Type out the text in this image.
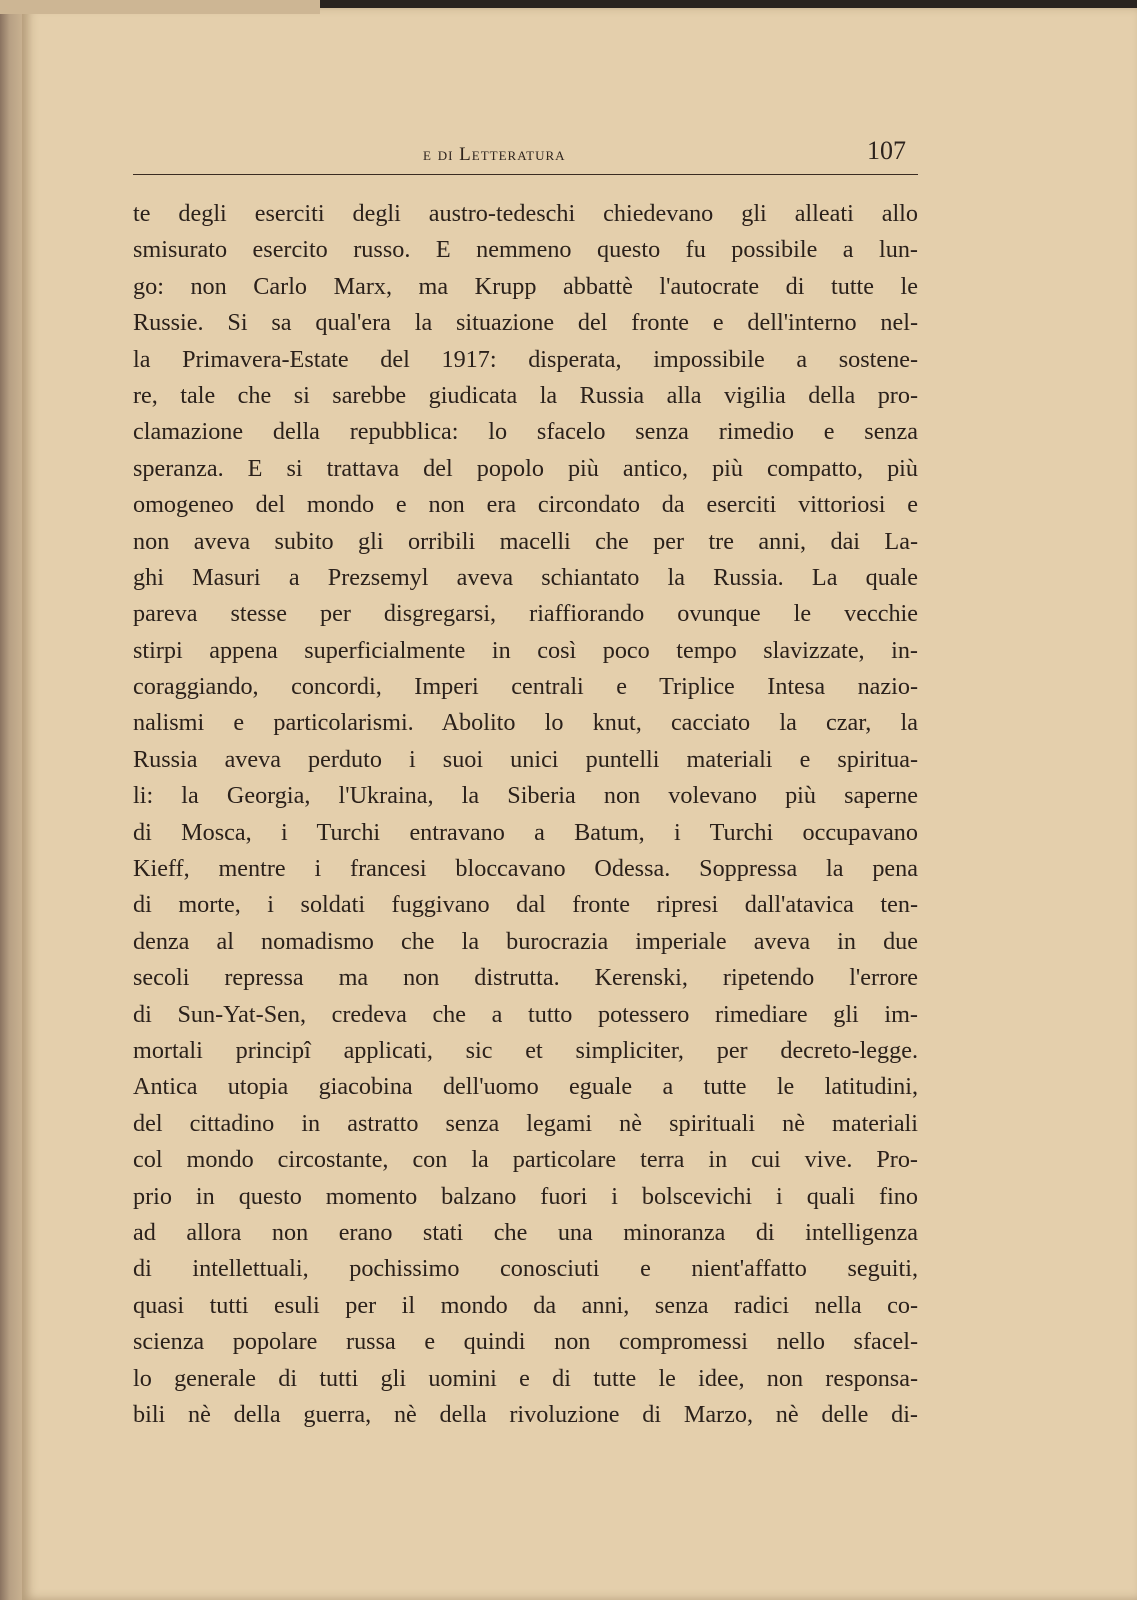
e di Letteratura	107
te degli eserciti degli austro-tedeschi chiedevano gli alleati allo
smisurato esercito russo. E nemmeno questo fu possibile a lun-
go: non Carlo Marx, ma Krupp abbattè l'autocrate di tutte le
Russie. Si sa qual'era la situazione del fronte e dell'interno nel-
la Primavera-Estate del 1917: disperata, impossibile a sostene-
re, tale che si sarebbe giudicata la Russia alla vigilia della pro-
clamazione della repubblica: lo sfacelo senza rimedio e senza
speranza. E si trattava del popolo più antico, più compatto, più
omogeneo del mondo e non era circondato da eserciti vittoriosi e
non aveva subito gli orribili macelli che per tre anni, dai La-
ghi Masuri a Prezsemyl aveva schiantato la Russia. La quale
pareva stesse per disgregarsi, riaffiorando ovunque le vecchie
stirpi appena superficialmente in così poco tempo slavizzate, in-
coraggiando, concordi, Imperi centrali e Triplice Intesa nazio-
nalismi e particolarismi. Abolito lo knut, cacciato la czar, la
Russia aveva perduto i suoi unici puntelli materiali e spiritua-
li: la Georgia, l'Ukraina, la Siberia non volevano più saperne
di Mosca, i Turchi entravano a Batum, i Turchi occupavano
Kieff, mentre i francesi bloccavano Odessa. Soppressa la pena
di morte, i soldati fuggivano dal fronte ripresi dall'atavica ten-
denza al nomadismo che la burocrazia imperiale aveva in due
secoli repressa ma non distrutta. Kerenski, ripetendo l'errore
di Sun-Yat-Sen, credeva che a tutto potessero rimediare gli im-
mortali principî applicati, sic et simpliciter, per decreto-legge.
Antica utopia giacobina dell'uomo eguale a tutte le latitudini,
del cittadino in astratto senza legami nè spirituali nè materiali
col mondo circostante, con la particolare terra in cui vive. Pro-
prio in questo momento balzano fuori i bolscevichi i quali fino
ad allora non erano stati che una minoranza di intelligenza
di intellettuali, pochissimo conosciuti e nient'affatto seguiti,
quasi tutti esuli per il mondo da anni, senza radici nella co-
scienza popolare russa e quindi non compromessi nello sfacel-
lo generale di tutti gli uomini e di tutte le idee, non responsa-
bili nè della guerra, nè della rivoluzione di Marzo, nè delle di-
